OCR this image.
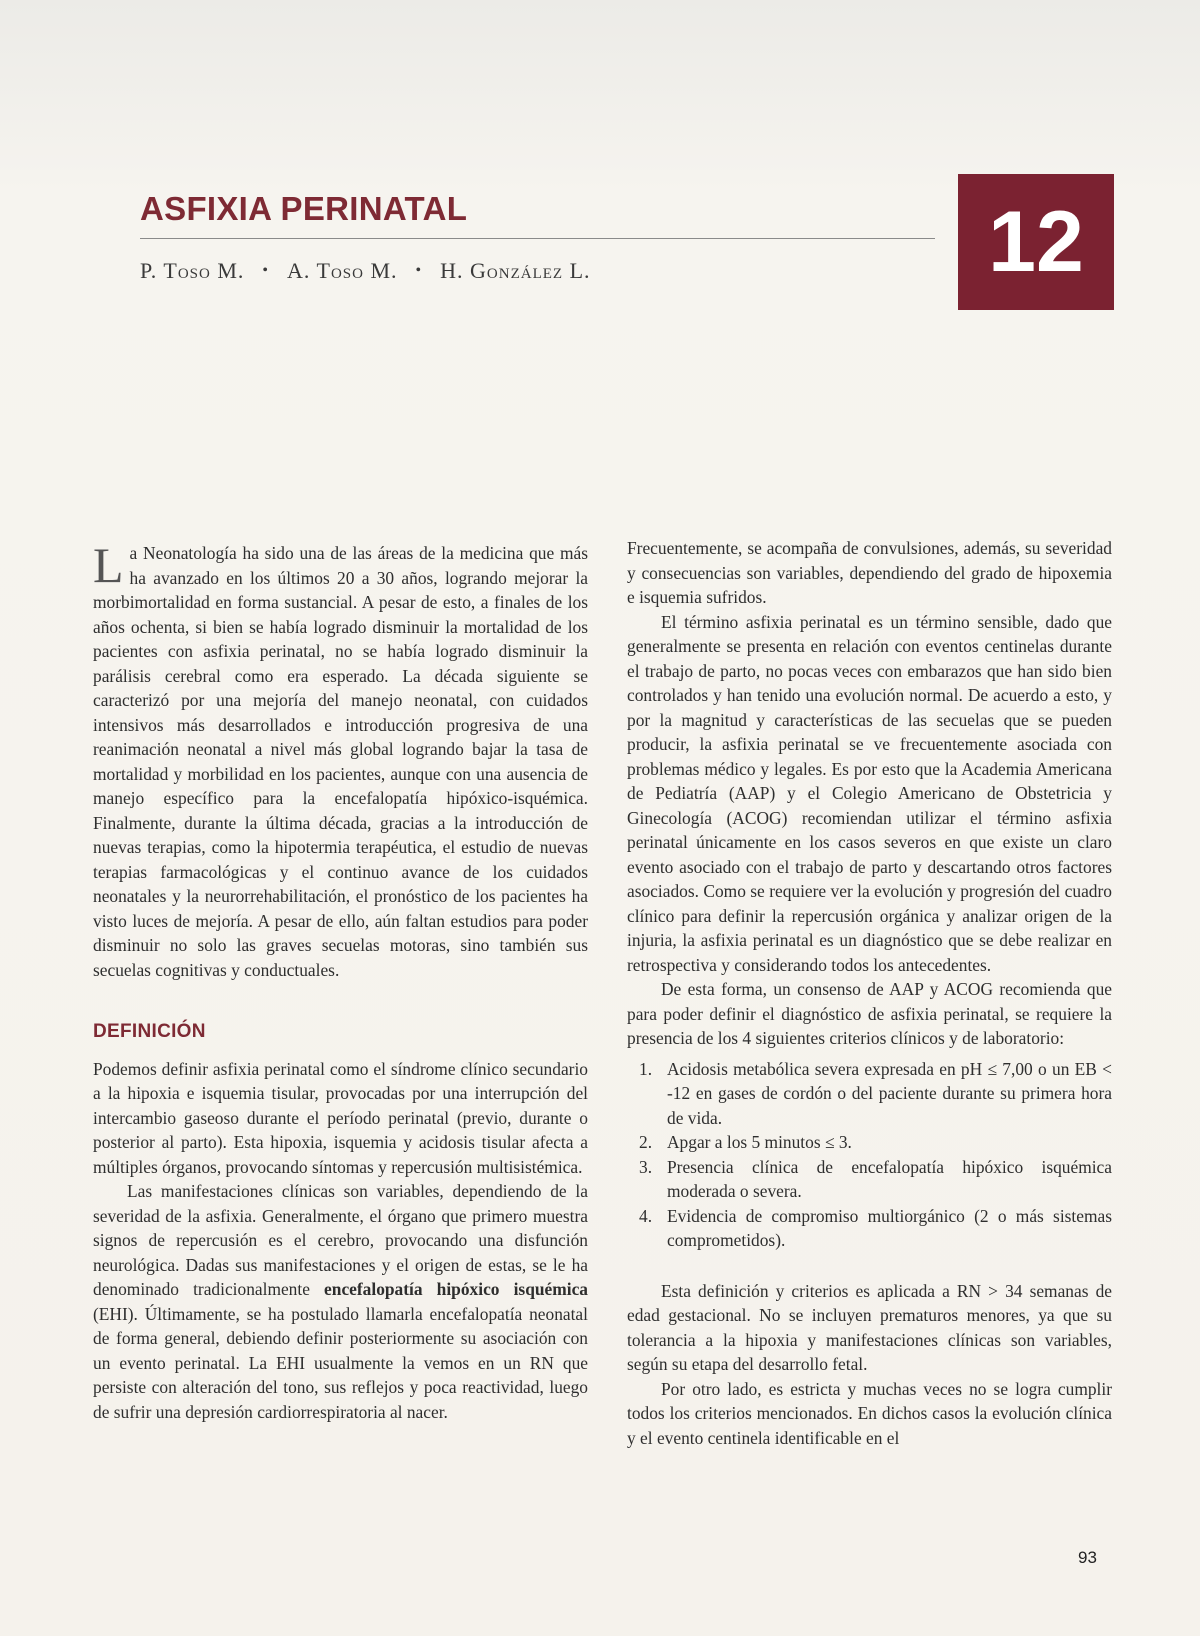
ASFIXIA PERINATAL
P. Toso M. • A. Toso M. • H. González L.	12

La Neonatología ha sido una de las áreas de la medicina que más ha avanzado en los últimos 20 a 30 años, logrando mejorar la morbimortalidad en forma sustancial. A pesar de esto, a finales de los años ochenta, si bien se había logrado disminuir la mortalidad de los pacientes con asfixia perinatal, no se había logrado disminuir la parálisis cerebral como era esperado. La década siguiente se caracterizó por una mejoría del manejo neonatal, con cuidados intensivos más desarrollados e introducción progresiva de una reanimación neonatal a nivel más global logrando bajar la tasa de mortalidad y morbilidad en los pacientes, aunque con una ausencia de manejo específico para la encefalopatía hipóxico-isquémica. Finalmente, durante la última década, gracias a la introducción de nuevas terapias, como la hipotermia terapéutica, el estudio de nuevas terapias farmacológicas y el continuo avance de los cuidados neonatales y la neurorrehabilitación, el pronóstico de los pacientes ha visto luces de mejoría. A pesar de ello, aún faltan estudios para poder disminuir no solo las graves secuelas motoras, sino también sus secuelas cognitivas y conductuales.

DEFINICIÓN

Podemos definir asfixia perinatal como el síndrome clínico secundario a la hipoxia e isquemia tisular, provocadas por una interrupción del intercambio gaseoso durante el período perinatal (previo, durante o posterior al parto). Esta hipoxia, isquemia y acidosis tisular afecta a múltiples órganos, provocando síntomas y repercusión multisistémica.

Las manifestaciones clínicas son variables, dependiendo de la severidad de la asfixia. Generalmente, el órgano que primero muestra signos de repercusión es el cerebro, provocando una disfunción neurológica. Dadas sus manifestaciones y el origen de estas, se le ha denominado tradicionalmente encefalopatía hipóxico isquémica (EHI). Últimamente, se ha postulado llamarla encefalopatía neonatal de forma general, debiendo definir posteriormente su asociación con un evento perinatal. La EHI usualmente la vemos en un RN que persiste con alteración del tono, sus reflejos y poca reactividad, luego de sufrir una depresión cardiorrespiratoria al nacer.

Frecuentemente, se acompaña de convulsiones, además, su severidad y consecuencias son variables, dependiendo del grado de hipoxemia e isquemia sufridos.

El término asfixia perinatal es un término sensible, dado que generalmente se presenta en relación con eventos centinelas durante el trabajo de parto, no pocas veces con embarazos que han sido bien controlados y han tenido una evolución normal. De acuerdo a esto, y por la magnitud y características de las secuelas que se pueden producir, la asfixia perinatal se ve frecuentemente asociada con problemas médico y legales. Es por esto que la Academia Americana de Pediatría (AAP) y el Colegio Americano de Obstetricia y Ginecología (ACOG) recomiendan utilizar el término asfixia perinatal únicamente en los casos severos en que existe un claro evento asociado con el trabajo de parto y descartando otros factores asociados. Como se requiere ver la evolución y progresión del cuadro clínico para definir la repercusión orgánica y analizar origen de la injuria, la asfixia perinatal es un diagnóstico que se debe realizar en retrospectiva y considerando todos los antecedentes.

De esta forma, un consenso de AAP y ACOG recomienda que para poder definir el diagnóstico de asfixia perinatal, se requiere la presencia de los 4 siguientes criterios clínicos y de laboratorio:

1. Acidosis metabólica severa expresada en pH ≤ 7,00 o un EB < -12 en gases de cordón o del paciente durante su primera hora de vida.
2. Apgar a los 5 minutos ≤ 3.
3. Presencia clínica de encefalopatía hipóxico isquémica moderada o severa.
4. Evidencia de compromiso multiorgánico (2 o más sistemas comprometidos).

Esta definición y criterios es aplicada a RN > 34 semanas de edad gestacional. No se incluyen prematuros menores, ya que su tolerancia a la hipoxia y manifestaciones clínicas son variables, según su etapa del desarrollo fetal.

Por otro lado, es estricta y muchas veces no se logra cumplir todos los criterios mencionados. En dichos casos la evolución clínica y el evento centinela identificable en el

93
